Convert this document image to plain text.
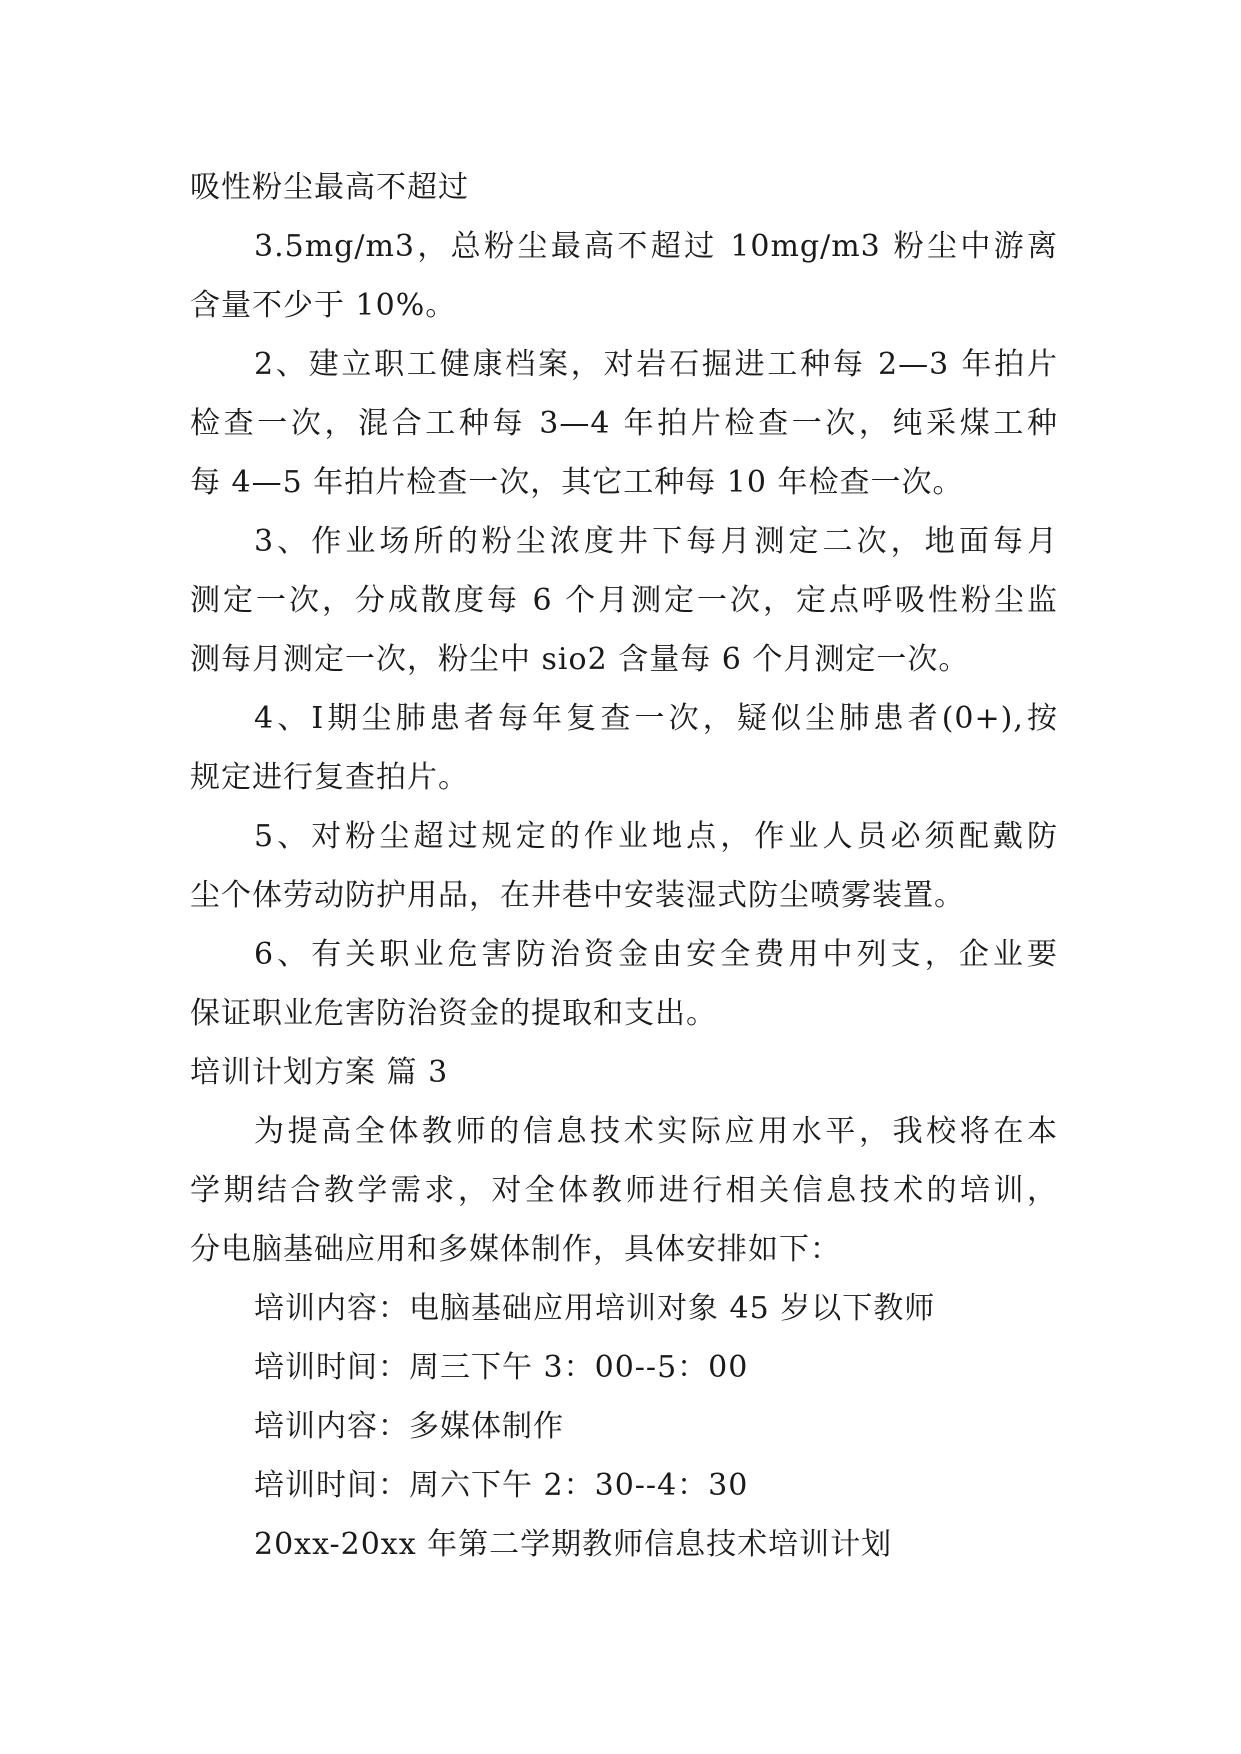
吸性粉尘最高不超过
3.5mg/m3，总粉尘最高不超过 10mg/m3 粉尘中游离
含量不少于 10%。
2、建立职工健康档案，对岩石掘进工种每 2—3 年拍片
检查一次，混合工种每 3—4 年拍片检查一次，纯采煤工种
每 4—5 年拍片检查一次，其它工种每 10 年检查一次。
3、作业场所的粉尘浓度井下每月测定二次，地面每月
测定一次，分成散度每 6 个月测定一次，定点呼吸性粉尘监
测每月测定一次，粉尘中 sio2 含量每 6 个月测定一次。
4、Ⅰ期尘肺患者每年复查一次，疑似尘肺患者(0+),按
规定进行复查拍片。
5、对粉尘超过规定的作业地点，作业人员必须配戴防
尘个体劳动防护用品，在井巷中安装湿式防尘喷雾装置。
6、有关职业危害防治资金由安全费用中列支，企业要
保证职业危害防治资金的提取和支出。
培训计划方案 篇 3
为提高全体教师的信息技术实际应用水平，我校将在本
学期结合教学需求，对全体教师进行相关信息技术的培训，
分电脑基础应用和多媒体制作，具体安排如下：
培训内容：电脑基础应用培训对象 45 岁以下教师
培训时间：周三下午 3：00--5：00
培训内容：多媒体制作
培训时间：周六下午 2：30--4：30
20xx-20xx 年第二学期教师信息技术培训计划
